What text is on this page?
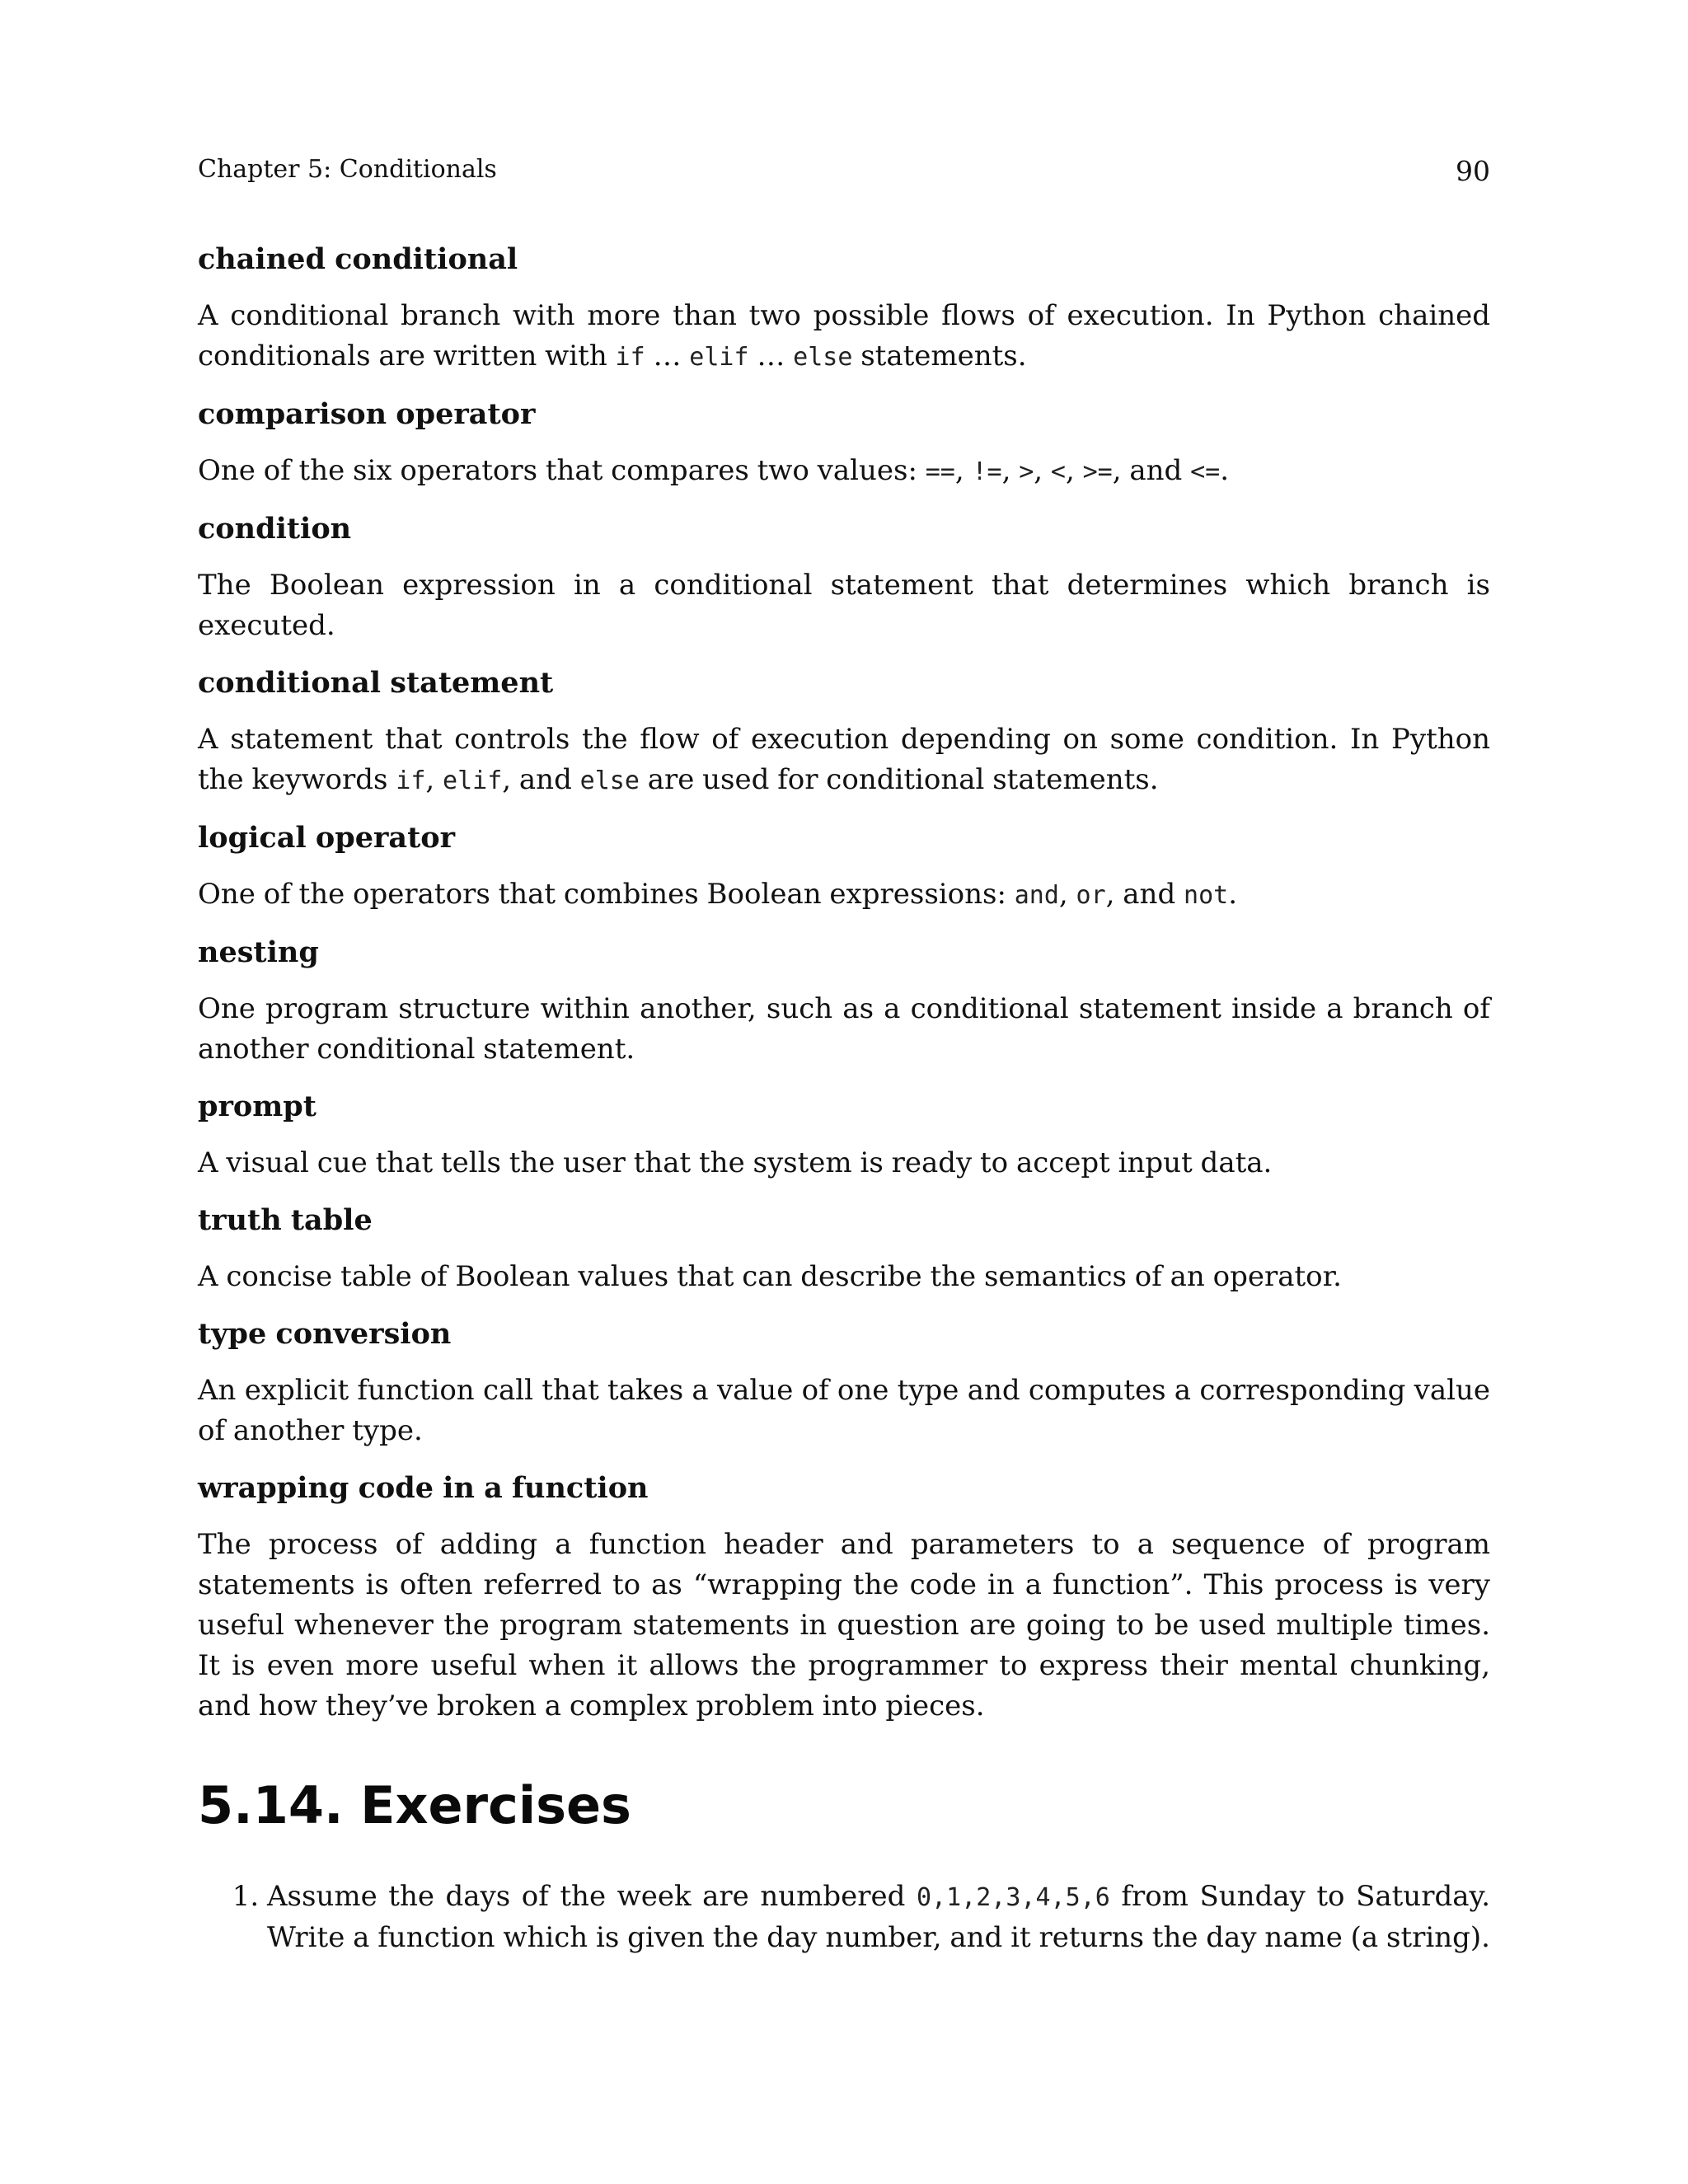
Chapter 5: Conditionals	90

chained conditional

A conditional branch with more than two possible flows of execution. In Python chained conditionals are written with if … elif … else statements.

comparison operator

One of the six operators that compares two values: ==, !=, >, <, >=, and <=.

condition

The Boolean expression in a conditional statement that determines which branch is executed.

conditional statement

A statement that controls the flow of execution depending on some condition. In Python the keywords if, elif, and else are used for conditional statements.

logical operator

One of the operators that combines Boolean expressions: and, or, and not.

nesting

One program structure within another, such as a conditional statement inside a branch of another conditional statement.

prompt

A visual cue that tells the user that the system is ready to accept input data.

truth table

A concise table of Boolean values that can describe the semantics of an operator.

type conversion

An explicit function call that takes a value of one type and computes a corresponding value of another type.

wrapping code in a function

The process of adding a function header and parameters to a sequence of program statements is often referred to as “wrapping the code in a function”. This process is very useful whenever the program statements in question are going to be used multiple times. It is even more useful when it allows the programmer to express their mental chunking, and how they’ve broken a complex problem into pieces.

5.14. Exercises
1. Assume the days of the week are numbered 0,1,2,3,4,5,6 from Sunday to Saturday. Write a function which is given the day number, and it returns the day name (a string).
